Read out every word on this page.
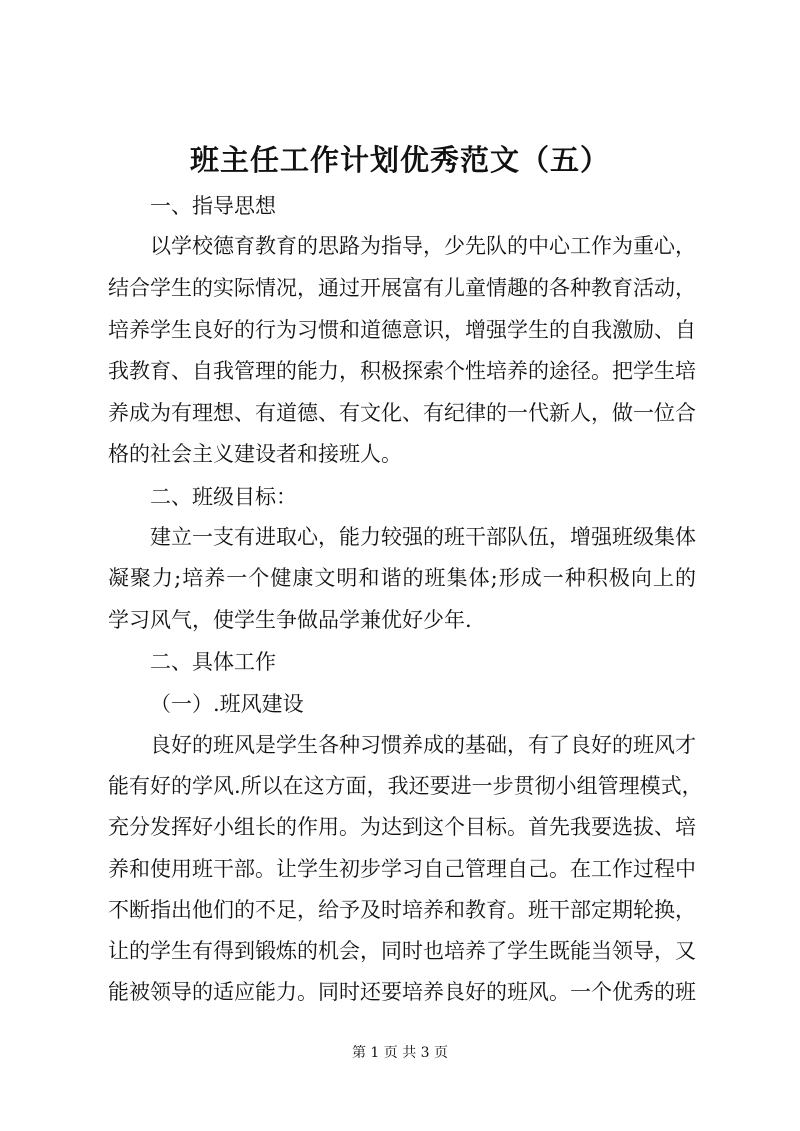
班主任工作计划优秀范文（五）
一、指导思想
以学校德育教育的思路为指导，少先队的中心工作为重心，
结合学生的实际情况，通过开展富有儿童情趣的各种教育活动，
培养学生良好的行为习惯和道德意识，增强学生的自我激励、自
我教育、自我管理的能力，积极探索个性培养的途径。把学生培
养成为有理想、有道德、有文化、有纪律的一代新人，做一位合
格的社会主义建设者和接班人。
二、班级目标：
建立一支有进取心，能力较强的班干部队伍，增强班级集体
凝聚力;培养一个健康文明和谐的班集体;形成一种积极向上的
学习风气，使学生争做品学兼优好少年.
二、具体工作
（一）.班风建设
良好的班风是学生各种习惯养成的基础，有了良好的班风才
能有好的学风.所以在这方面，我还要进一步贯彻小组管理模式，
充分发挥好小组长的作用。为达到这个目标。首先我要选拔、培
养和使用班干部。让学生初步学习自己管理自己。在工作过程中
不断指出他们的不足，给予及时培养和教育。班干部定期轮换，
让的学生有得到锻炼的机会，同时也培养了学生既能当领导，又
能被领导的适应能力。同时还要培养良好的班风。一个优秀的班
第 1 页 共 3 页
